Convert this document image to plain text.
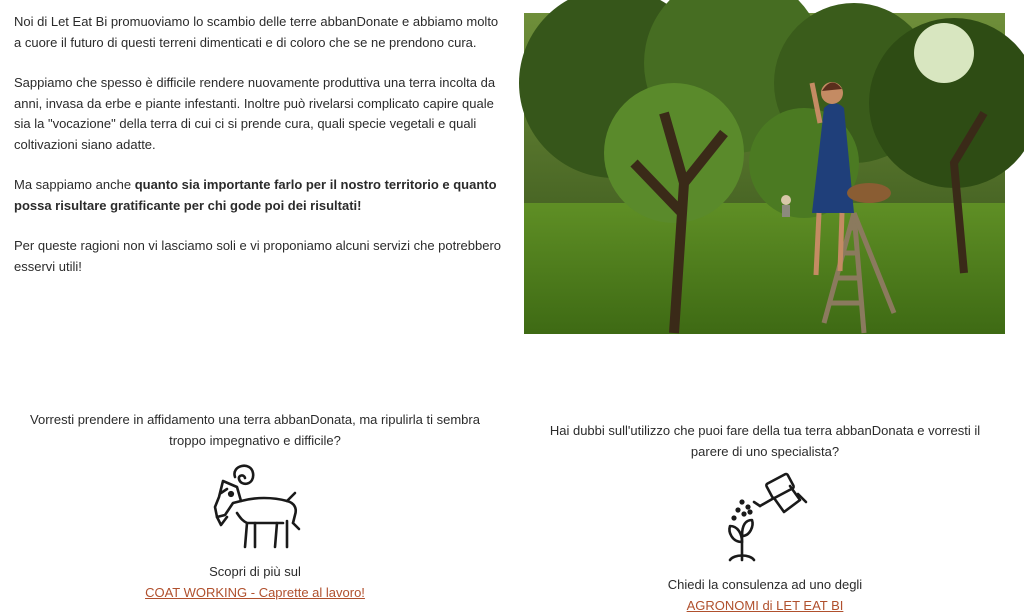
Noi di Let Eat Bi promuoviamo lo scambio delle terre abbanDonate e abbiamo molto a cuore il futuro di questi terreni dimenticati e di coloro che se ne prendono cura.

Sappiamo che spesso è difficile rendere nuovamente produttiva una terra incolta da anni, invasa da erbe e piante infestanti. Inoltre può rivelarsi complicato capire quale sia la "vocazione" della terra di cui ci si prende cura, quali specie vegetali e quali coltivazioni siano adatte.

Ma sappiamo anche quanto sia importante farlo per il nostro territorio e quanto possa risultare gratificante per chi gode poi dei risultati!

Per queste ragioni non vi lasciamo soli e vi proponiamo alcuni servizi che potrebbero esservi utili!

Vorresti prendere in affidamento una terra abbanDonata, ma ripulirla ti sembra troppo impegnativo e difficile?

Scopri di più sul

COAT WORKING - Caprette al lavoro!

Hai dubbi sull'utilizzo che puoi fare della tua terra abbanDonata e vorresti il parere di uno specialista?

Chiedi la consulenza ad uno degli

AGRONOMI di LET EAT BI
